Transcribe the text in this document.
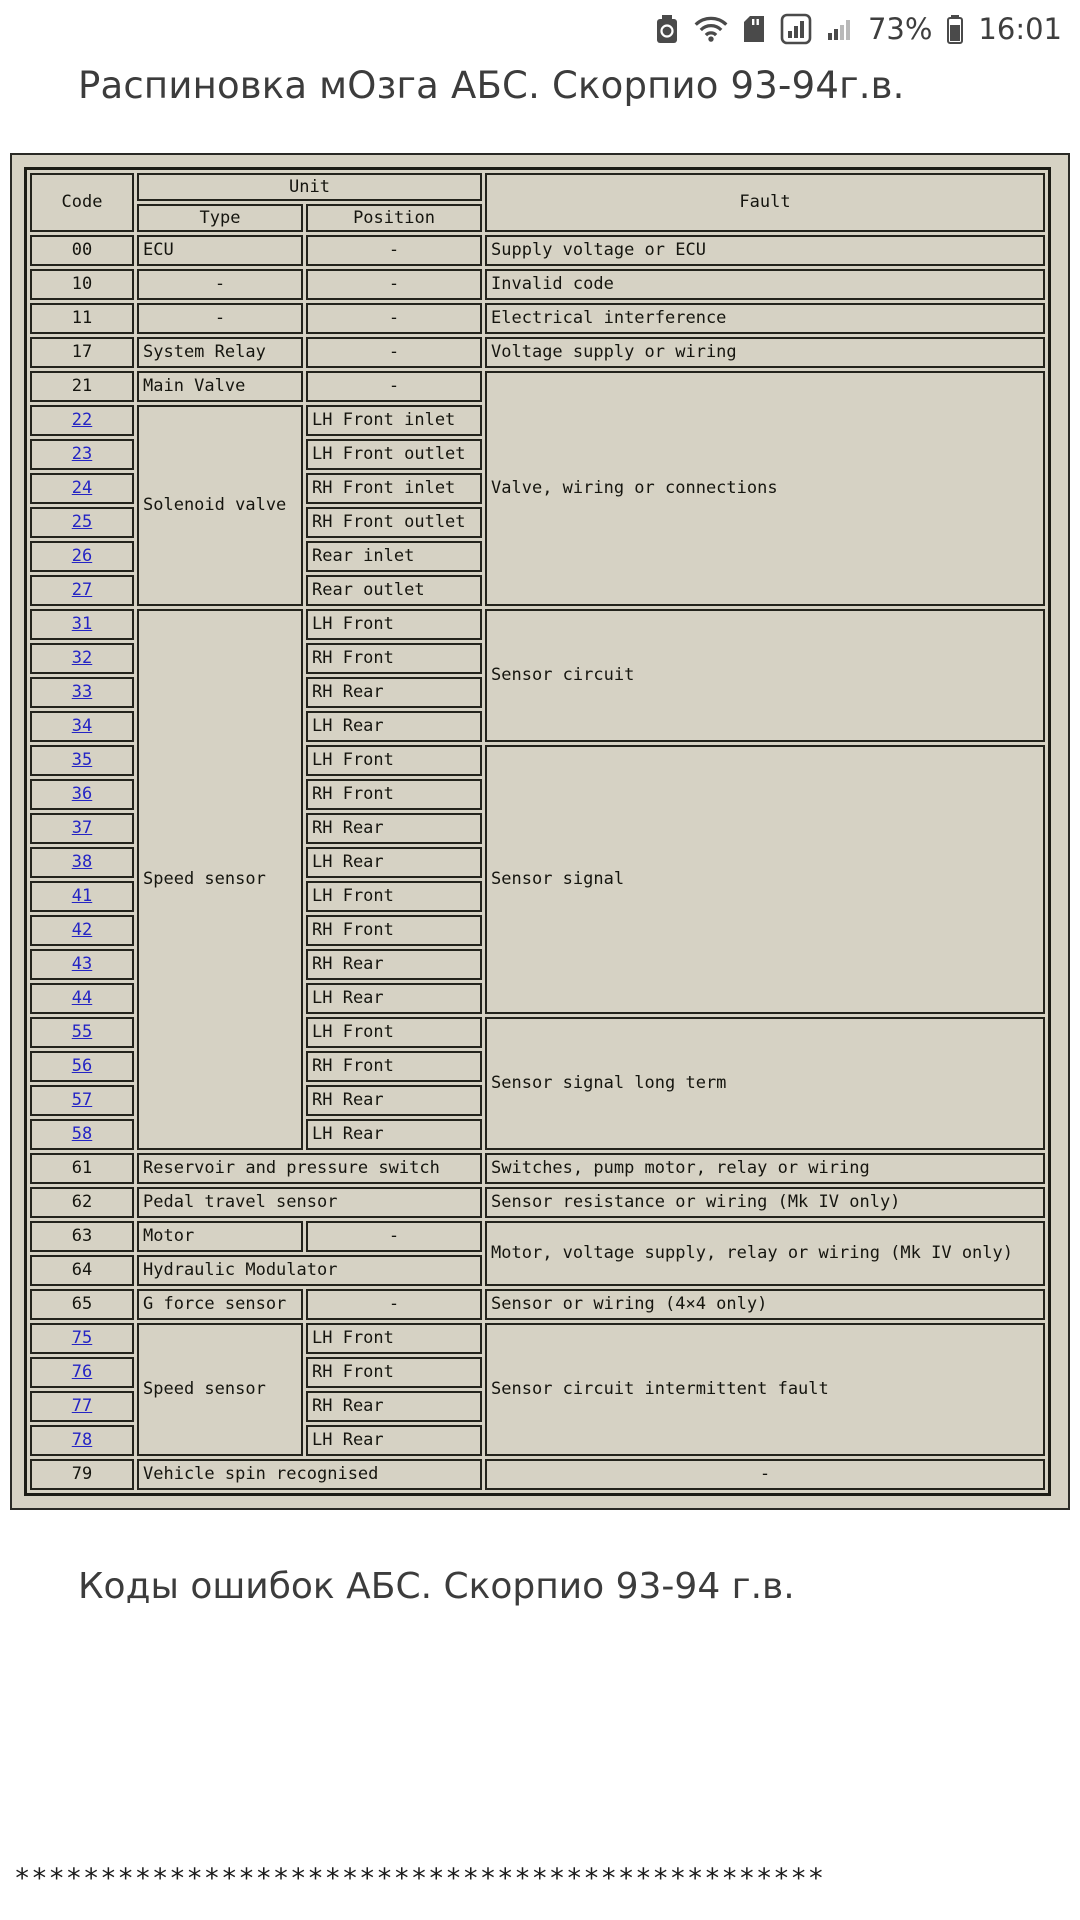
73% 16:01
Распиновка мОзга АБС. Скорпио 93-94г.в.
Code	Unit		Fault
	Type	Position	
00	ECU	-	Supply voltage or ECU
10	-	-	Invalid code
11	-	-	Electrical interference
17	System Relay	-	Voltage supply or wiring
21	Main Valve	-	Valve, wiring or connections
22	Solenoid valve	LH Front inlet	
23		LH Front outlet	
24		RH Front inlet	
25		RH Front outlet	
26		Rear inlet	
27		Rear outlet	
31	Speed sensor	LH Front	Sensor circuit
32		RH Front	
33		RH Rear	
34		LH Rear	
35		LH Front	Sensor signal
36		RH Front	
37		RH Rear	
38		LH Rear	
41		LH Front	
42		RH Front	
43		RH Rear	
44		LH Rear	
55		LH Front	Sensor signal long term
56		RH Front	
57		RH Rear	
58		LH Rear	
61	Reservoir and pressure switch		Switches, pump motor, relay or wiring
62	Pedal travel sensor		Sensor resistance or wiring (Mk IV only)
63	Motor	-	Motor, voltage supply, relay or wiring (Mk IV only)
64	Hydraulic Modulator		
65	G force sensor	-	Sensor or wiring (4×4 only)
75	Speed sensor	LH Front	Sensor circuit intermittent fault
76		RH Front	
77		RH Rear	
78		LH Rear	
79	Vehicle spin recognised		-
Коды ошибок АБС. Скорпио 93-94 г.в.
***********************************************
